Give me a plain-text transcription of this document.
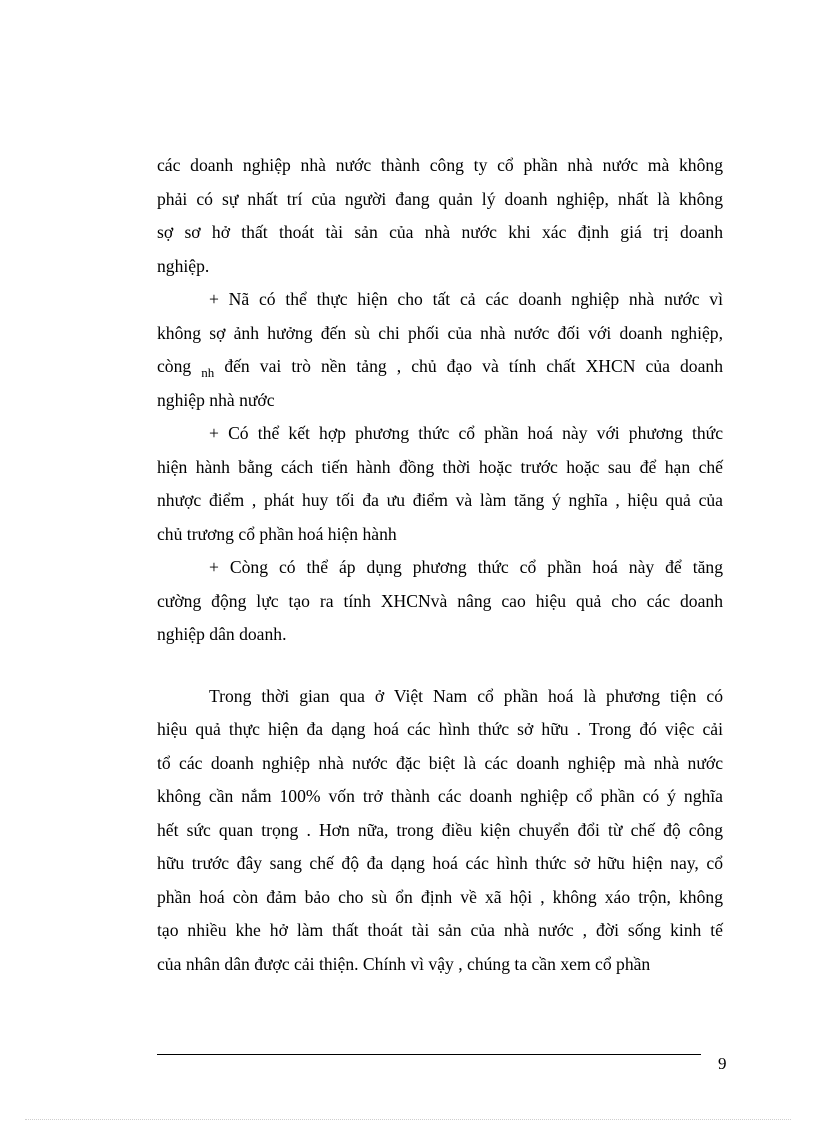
các doanh nghiệp nhà nước thành công ty cổ phần nhà nước mà không
phải có sự nhất trí của người đang quản lý doanh nghiệp, nhất là không
sợ sơ hở thất thoát tài sản của nhà nước khi xác định giá trị doanh
nghiệp.
+ Nã có thể thực hiện cho tất cả các doanh nghiệp nhà nước vì
không sợ ảnh hưởng đến sù chi phối của nhà nước đối với doanh nghiệp,
còng $_{nh}$ đến vai trò nền tảng , chủ đạo và tính chất XHCN của doanh
nghiệp nhà nước
+ Có thể kết hợp phương thức cổ phần hoá này với phương thức
hiện hành bằng cách tiến hành đồng thời hoặc trước hoặc sau để hạn chế
nhược điểm , phát huy tối đa ưu điểm và làm tăng ý nghĩa , hiệu quả của
chủ trương cổ phần hoá hiện hành
+ Còng có thể áp dụng phương thức cổ phần hoá này để tăng
cường động lực tạo ra tính XHCNvà nâng cao hiệu quả cho các doanh
nghiệp dân doanh.
Trong thời gian qua ở Việt Nam cổ phần hoá là phương tiện có
hiệu quả thực hiện đa dạng hoá các hình thức sở hữu . Trong đó việc cải
tổ các doanh nghiệp nhà nước đặc biệt là các doanh nghiệp mà nhà nước
không cần nắm 100% vốn trở thành các doanh nghiệp cổ phần có ý nghĩa
hết sức quan trọng . Hơn nữa, trong điều kiện chuyển đổi từ chế độ công
hữu trước đây sang chế độ đa dạng hoá các hình thức sở hữu hiện nay, cổ
phần hoá còn đảm bảo cho sù ổn định về xã hội , không xáo trộn, không
tạo nhiều khe hở làm thất thoát tài sản của nhà nước , đời sống kinh tế
của nhân dân được cải thiện. Chính vì vậy , chúng ta cần xem cổ phần
9
